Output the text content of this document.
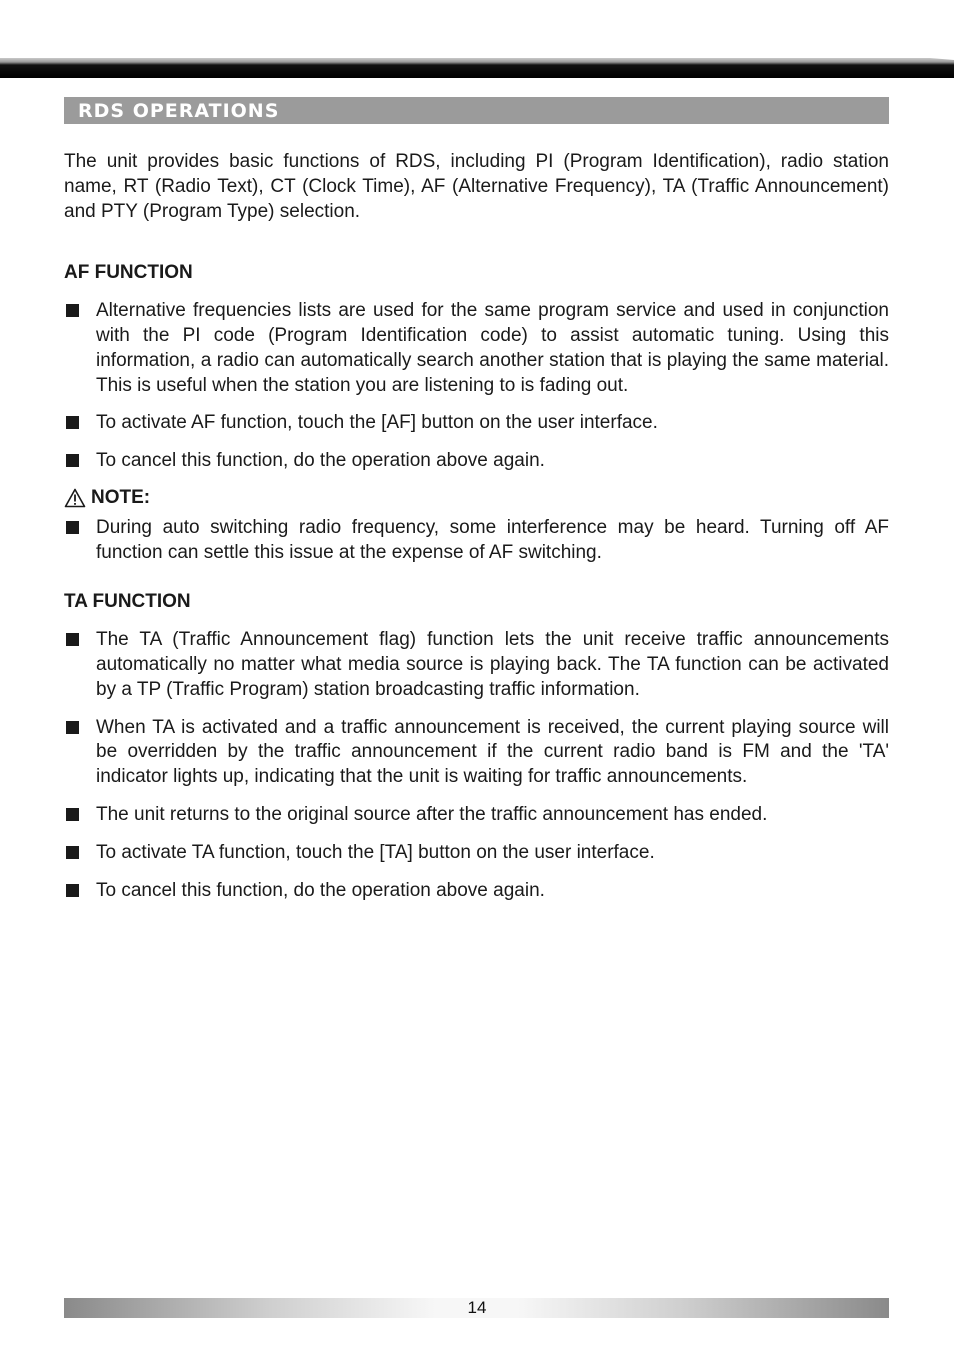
RDS OPERATIONS

The unit provides basic functions of RDS, including PI (Program Identification), radio station name, RT (Radio Text), CT (Clock Time), AF (Alternative Frequency), TA (Traffic Announcement) and PTY (Program Type) selection.

AF FUNCTION
Alternative frequencies lists are used for the same program service and used in conjunction with the PI code (Program Identification code) to assist automatic tuning. Using this information, a radio can automatically search another station that is playing the same material. This is useful when the station you are listening to is fading out.
To activate AF function, touch the [AF] button on the user interface.
To cancel this function, do the operation above again.
NOTE:
During auto switching radio frequency, some interference may be heard. Turning off AF function can settle this issue at the expense of AF switching.
TA FUNCTION
The TA (Traffic Announcement flag) function lets the unit receive traffic announcements automatically no matter what media source is playing back. The TA function can be activated by a TP (Traffic Program) station broadcasting traffic information.
When TA is activated and a traffic announcement is received, the current playing source will be overridden by the traffic announcement if the current radio band is FM and the 'TA' indicator lights up, indicating that the unit is waiting for traffic announcements.
The unit returns to the original source after the traffic announcement has ended.
To activate TA function, touch the [TA] button on the user interface.
To cancel this function, do the operation above again.
14
